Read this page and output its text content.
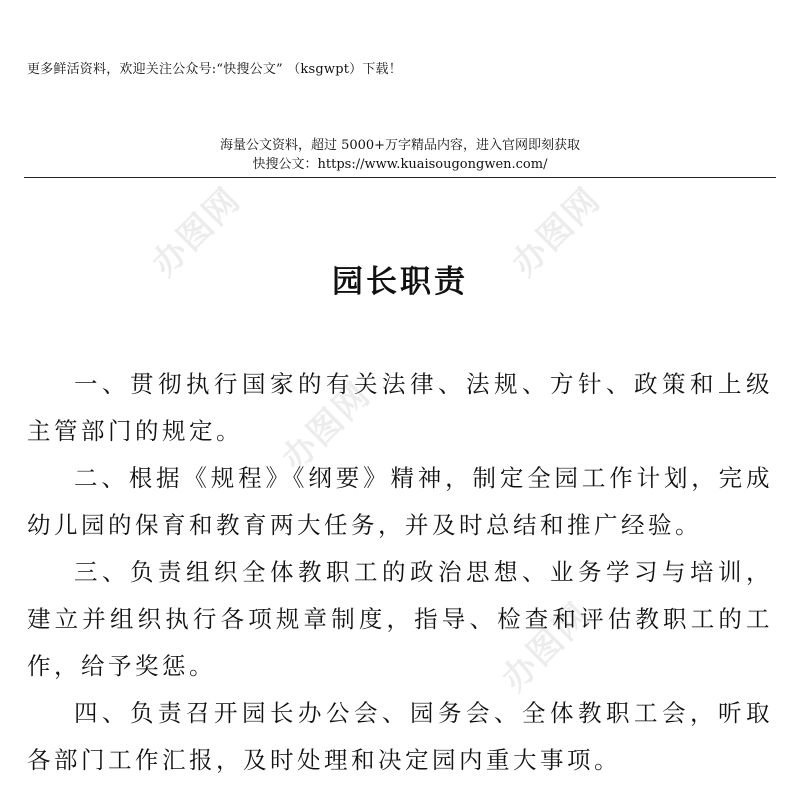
更多鲜活资料，欢迎关注公众号:“快搜公文” （ksgwpt）下载！
海量公文资料，超过 5000+万字精品内容，进入官网即刻获取
快搜公文：https://www.kuaisougongwen.com/
办图网	办图网
办图网
办图网
园长职责

一、贯彻执行国家的有关法律、法规、方针、政策和上级主管部门的规定。

二、根据《规程》《纲要》精神，制定全园工作计划，完成幼儿园的保育和教育两大任务，并及时总结和推广经验。

三、负责组织全体教职工的政治思想、业务学习与培训，建立并组织执行各项规章制度，指导、检查和评估教职工的工作，给予奖惩。

四、负责召开园长办公会、园务会、全体教职工会，听取各部门工作汇报，及时处理和决定园内重大事项。
